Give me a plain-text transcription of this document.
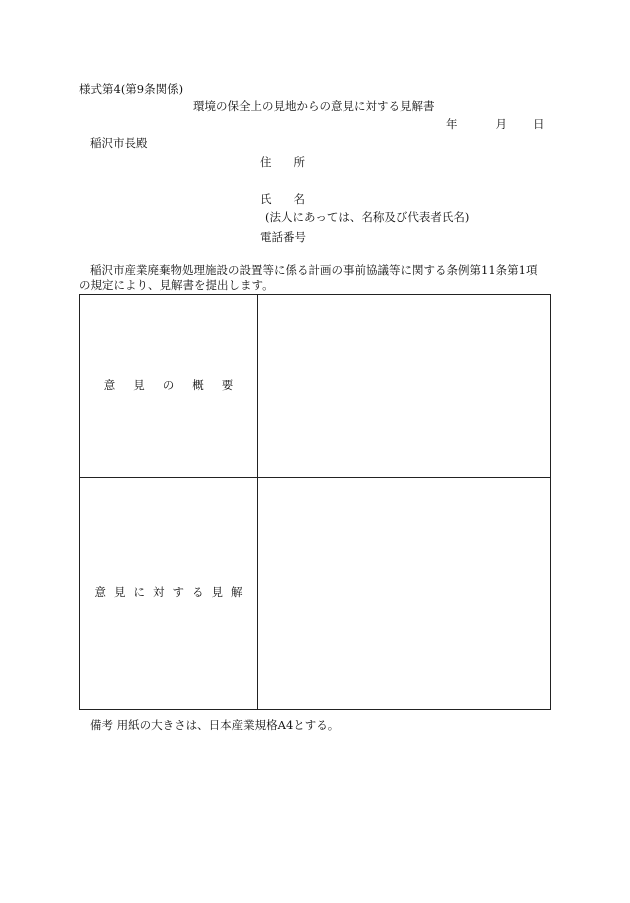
様式第4(第9条関係)
環境の保全上の見地からの意見に対する見解書
年	月 日
稲沢市長殿
住所
氏名
(法人にあっては、名称及び代表者氏名)
電話番号
稲沢市産業廃棄物処理施設の設置等に係る計画の事前協議等に関する条例第11条第1項
の規定により、見解書を提出します。
意 見 の 概 要
意 見 に 対 す る 見 解
備考 用紙の大きさは、日本産業規格A4とする。
